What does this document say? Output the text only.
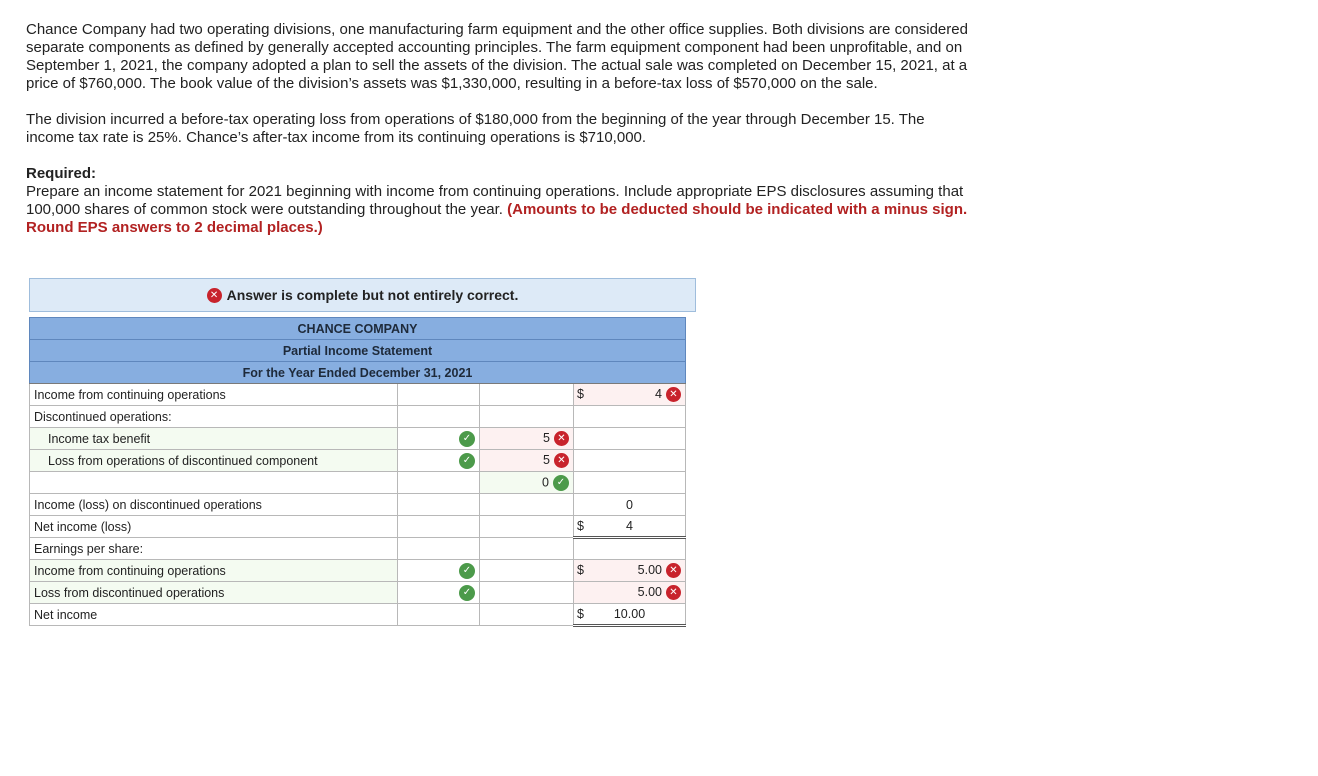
Chance Company had two operating divisions, one manufacturing farm equipment and the other office supplies. Both divisions are considered separate components as defined by generally accepted accounting principles. The farm equipment component had been unprofitable, and on September 1, 2021, the company adopted a plan to sell the assets of the division. The actual sale was completed on December 15, 2021, at a price of $760,000. The book value of the division’s assets was $1,330,000, resulting in a before-tax loss of $570,000 on the sale.

The division incurred a before-tax operating loss from operations of $180,000 from the beginning of the year through December 15. The income tax rate is 25%. Chance’s after-tax income from its continuing operations is $710,000.

Required:
Prepare an income statement for 2021 beginning with income from continuing operations. Include appropriate EPS disclosures assuming that 100,000 shares of common stock were outstanding throughout the year. (Amounts to be deducted should be indicated with a minus sign. Round EPS answers to 2 decimal places.)

✕ Answer is complete but not entirely correct.
CHANCE COMPANY			
Partial Income Statement			
For the Year Ended December 31, 2021			
Income from continuing operations			$ 4 ✕
Discontinued operations:			
Income tax benefit	✓	5 ✕	
Loss from operations of discontinued component	✓	5 ✕	
		0 ✓	
Income (loss) on discontinued operations			0
Net income (loss)			$ 4
Earnings per share:			
Income from continuing operations	✓		$ 5.00 ✕
Loss from discontinued operations	✓		5.00 ✕
Net income			$ 10.00
